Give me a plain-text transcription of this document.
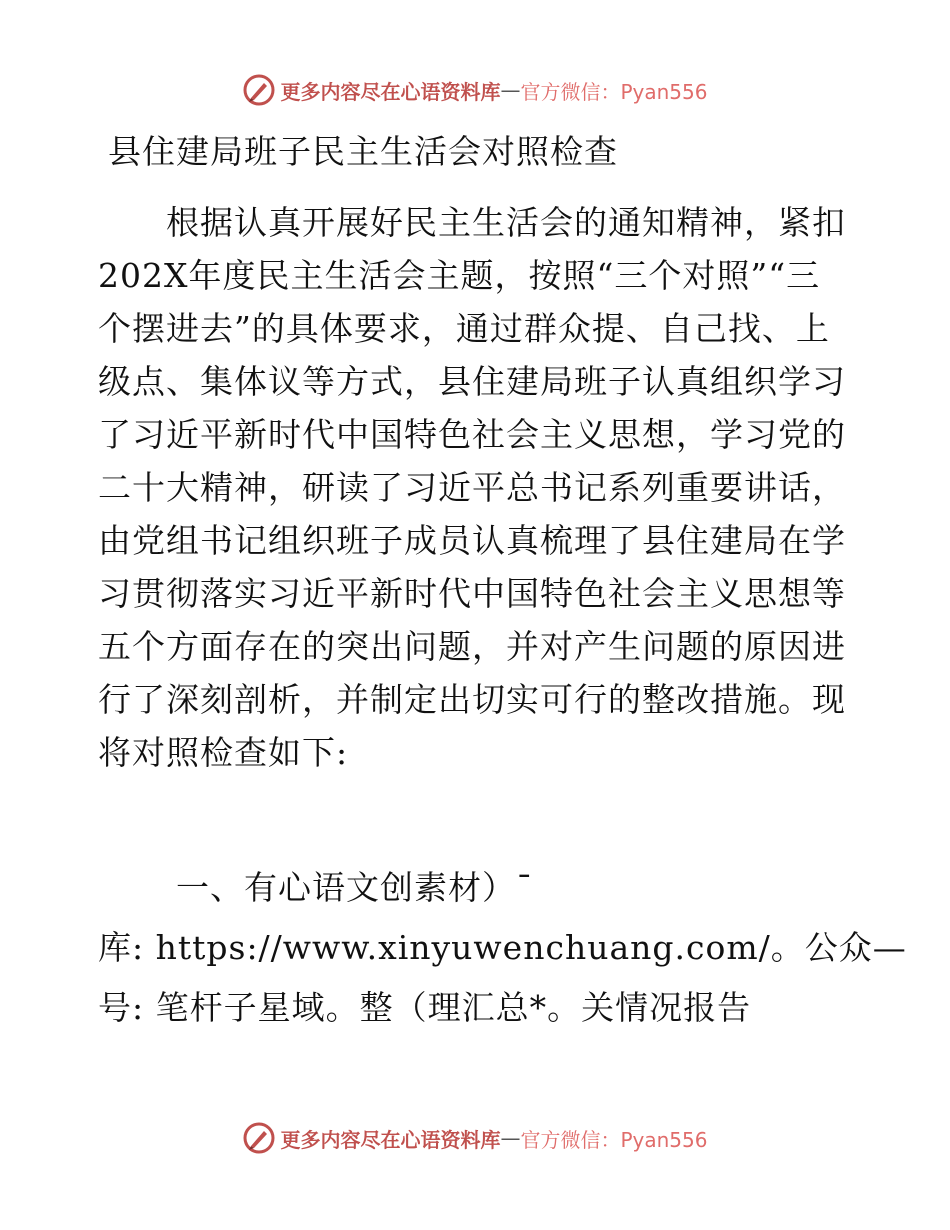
更多内容尽在心语资料库 — 官方微信：Pyan556
县住建局班子民主生活会对照检查
　　根据认真开展好民主生活会的通知精神，紧扣
202X年度民主生活会主题，按照“三个对照”“三
个摆进去”的具体要求，通过群众提、自己找、上
级点、集体议等方式，县住建局班子认真组织学习
了习近平新时代中国特色社会主义思想，学习党的
二十大精神，研读了习近平总书记系列重要讲话，
由党组书记组织班子成员认真梳理了县住建局在学
习贯彻落实习近平新时代中国特色社会主义思想等
五个方面存在的突出问题，并对产生问题的原因进
行了深刻剖析，并制定出切实可行的整改措施。现
将对照检查如下:
一、有心语文创素材）¯
库: https://www.xinyuwenchuang.com/。公众—
号: 笔杆子星域。整（理汇总*。关情况报告
更多内容尽在心语资料库 — 官方微信：Pyan556
